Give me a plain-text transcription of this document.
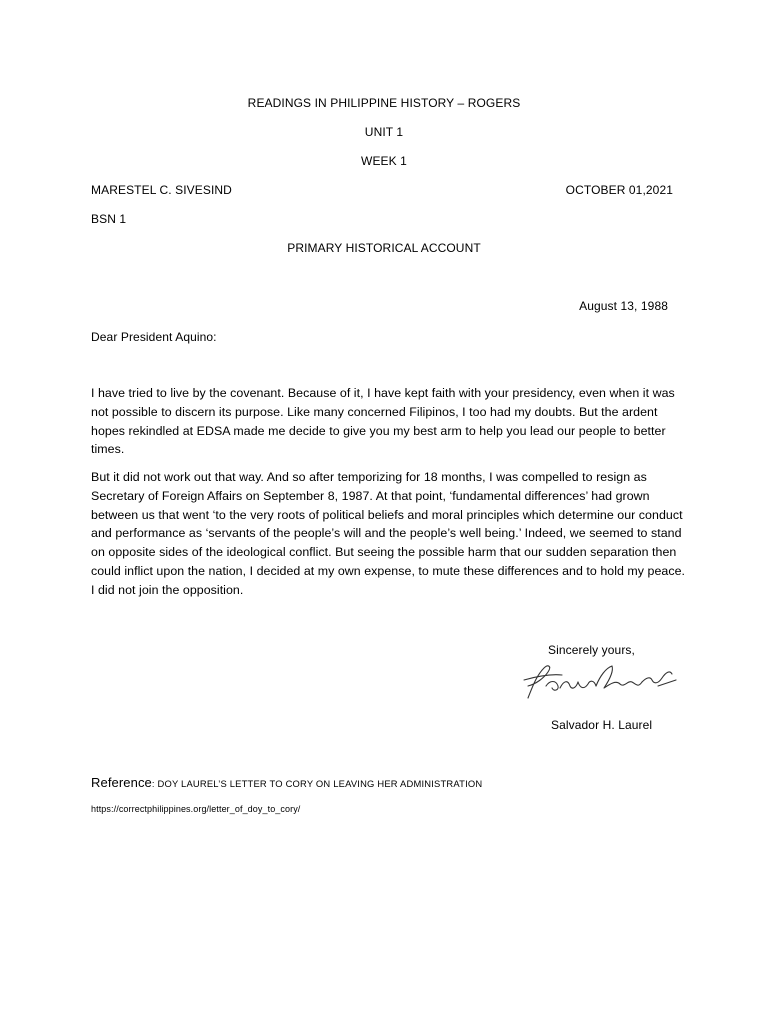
READINGS IN PHILIPPINE HISTORY – ROGERS
UNIT 1
WEEK 1
MARESTEL C. SIVESIND	OCTOBER 01,2021
BSN 1
PRIMARY HISTORICAL ACCOUNT
August 13, 1988
Dear President Aquino:
I have tried to live by the covenant. Because of it, I have kept faith with your presidency, even when it was not possible to discern its purpose. Like many concerned Filipinos, I too had my doubts. But the ardent hopes rekindled at EDSA made me decide to give you my best arm to help you lead our people to better times.
But it did not work out that way. And so after temporizing for 18 months, I was compelled to resign as Secretary of Foreign Affairs on September 8, 1987. At that point, ‘fundamental differences’ had grown between us that went ‘to the very roots of political beliefs and moral principles which determine our conduct and performance as ‘servants of the people’s will and the people’s well being.’ Indeed, we seemed to stand on opposite sides of the ideological conflict. But seeing the possible harm that our sudden separation then could inflict upon the nation, I decided at my own expense, to mute these differences and to hold my peace. I did not join the opposition.
Sincerely yours,
Salvador H. Laurel
Reference: DOY LAUREL’S LETTER TO CORY ON LEAVING HER ADMINISTRATION
https://correctphilippines.org/letter_of_doy_to_cory/
